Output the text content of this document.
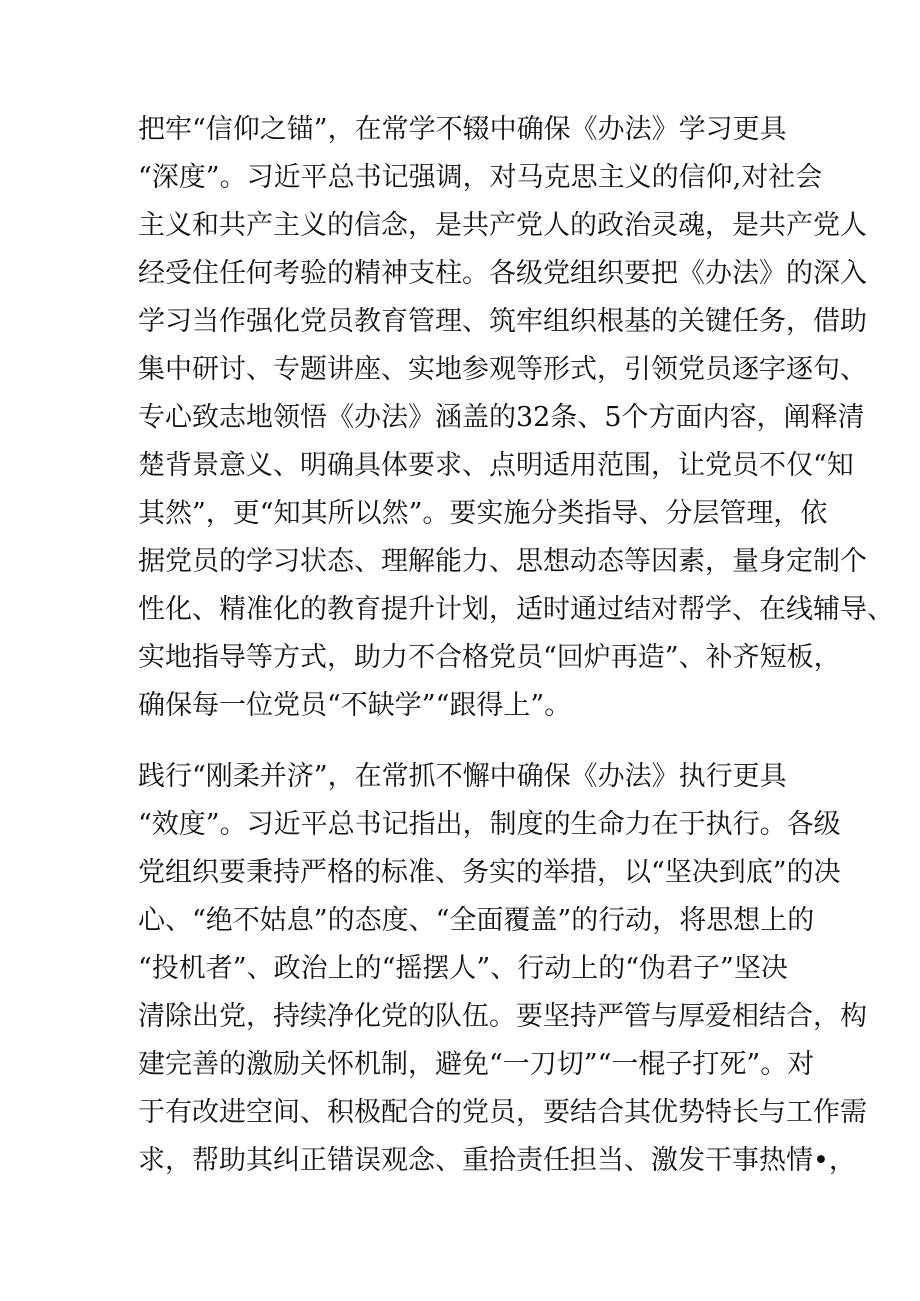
把牢“信仰之锚”，在常学不辍中确保《办法》学习更具
“深度”。习近平总书记强调，对马克思主义的信仰,对社会
主义和共产主义的信念，是共产党人的政治灵魂，是共产党人
经受住任何考验的精神支柱。各级党组织要把《办法》的深入
学习当作强化党员教育管理、筑牢组织根基的关键任务，借助
集中研讨、专题讲座、实地参观等形式，引领党员逐字逐句、
专心致志地领悟《办法》涵盖的32条、5个方面内容，阐释清
楚背景意义、明确具体要求、点明适用范围，让党员不仅“知
其然”，更“知其所以然”。要实施分类指导、分层管理，依
据党员的学习状态、理解能力、思想动态等因素，量身定制个
性化、精准化的教育提升计划，适时通过结对帮学、在线辅导、
实地指导等方式，助力不合格党员“回炉再造”、补齐短板，
确保每一位党员“不缺学”“跟得上”。
践行“刚柔并济”，在常抓不懈中确保《办法》执行更具
“效度”。习近平总书记指出，制度的生命力在于执行。各级
党组织要秉持严格的标准、务实的举措，以“坚决到底”的决
心、“绝不姑息”的态度、“全面覆盖”的行动，将思想上的
“投机者”、政治上的“摇摆人”、行动上的“伪君子”坚决
清除出党，持续净化党的队伍。要坚持严管与厚爱相结合，构
建完善的激励关怀机制，避免“一刀切”“一棍子打死”。对
于有改进空间、积极配合的党员，要结合其优势特长与工作需
求，帮助其纠正错误观念、重拾责任担当、激发干事热情•，
